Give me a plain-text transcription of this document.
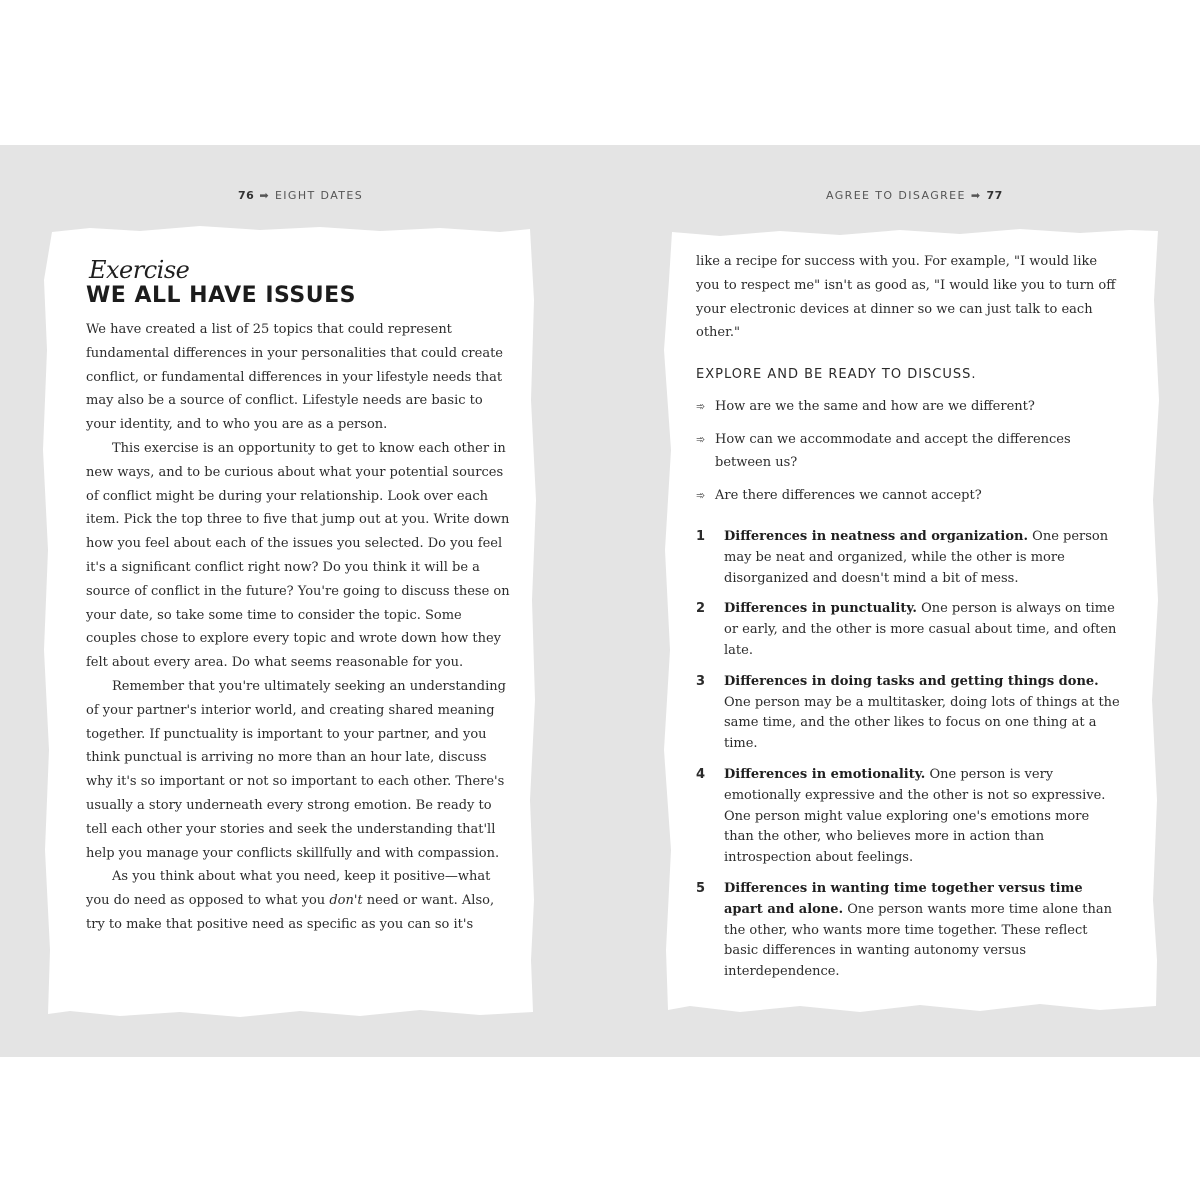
76 ➡ EIGHT DATES	AGREE TO DISAGREE ➡ 77
Exercise
WE ALL HAVE ISSUES

We have created a list of 25 topics that could represent fundamental differences in your personalities that could create conflict, or fundamental differences in your lifestyle needs that may also be a source of conflict. Lifestyle needs are basic to your identity, and to who you are as a person.

This exercise is an opportunity to get to know each other in new ways, and to be curious about what your potential sources of conflict might be during your relationship. Look over each item. Pick the top three to five that jump out at you. Write down how you feel about each of the issues you selected. Do you feel it's a significant conflict right now? Do you think it will be a source of conflict in the future? You're going to discuss these on your date, so take some time to consider the topic. Some couples chose to explore every topic and wrote down how they felt about every area. Do what seems reasonable for you.

Remember that you're ultimately seeking an understanding of your partner's interior world, and creating shared meaning together. If punctuality is important to your partner, and you think punctual is arriving no more than an hour late, discuss why it's so important or not so important to each other. There's usually a story underneath every strong emotion. Be ready to tell each other your stories and seek the understanding that'll help you manage your conflicts skillfully and with compassion.

As you think about what you need, keep it positive—what you do need as opposed to what you don't need or want. Also, try to make that positive need as specific as you can so it's

like a recipe for success with you. For example, "I would like you to respect me" isn't as good as, "I would like you to turn off your electronic devices at dinner so we can just talk to each other."

EXPLORE AND BE READY TO DISCUSS.
➾ How are we the same and how are we different?
➾ How can we accommodate and accept the differences between us?
➾ Are there differences we cannot accept?
1 Differences in neatness and organization. One person may be neat and organized, while the other is more disorganized and doesn't mind a bit of mess.
2 Differences in punctuality. One person is always on time or early, and the other is more casual about time, and often late.
3 Differences in doing tasks and getting things done. One person may be a multitasker, doing lots of things at the same time, and the other likes to focus on one thing at a time.
4 Differences in emotionality. One person is very emotionally expressive and the other is not so expressive. One person might value exploring one's emotions more than the other, who believes more in action than introspection about feelings.
5 Differences in wanting time together versus time apart and alone. One person wants more time alone than the other, who wants more time together. These reflect basic differences in wanting autonomy versus interdependence.
